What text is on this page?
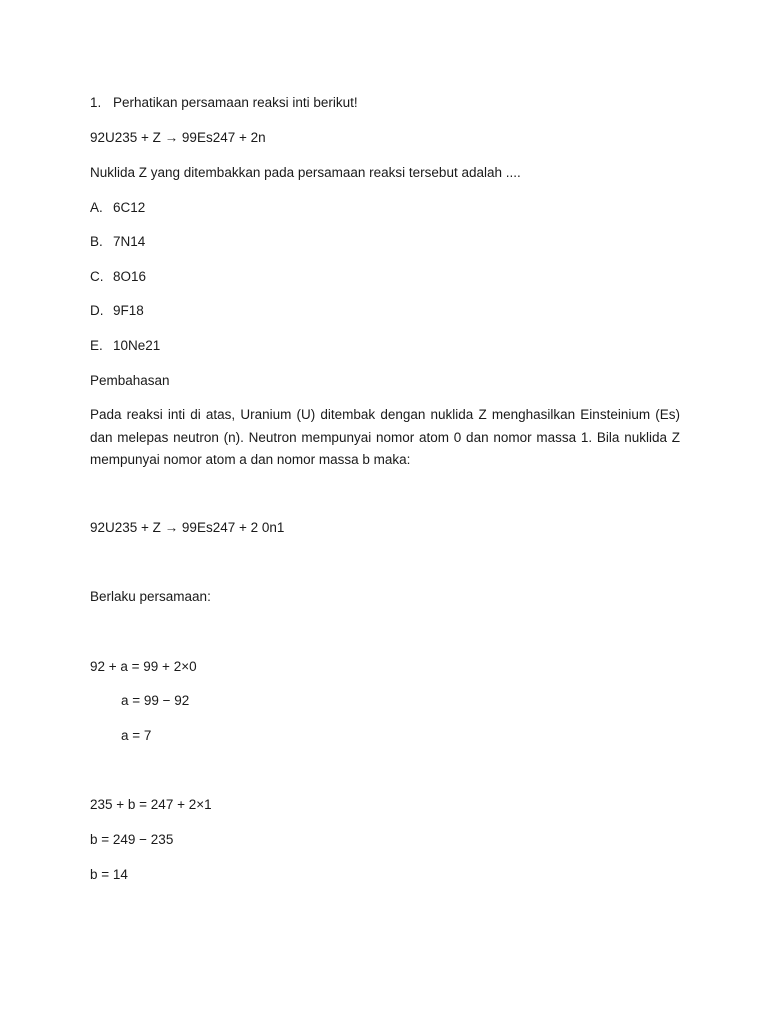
1. Perhatikan persamaan reaksi inti berikut!
92U235 + Z → 99Es247 + 2n
Nuklida Z yang ditembakkan pada persamaan reaksi tersebut adalah ....
A. 6C12
B. 7N14
C. 8O16
D. 9F18
E. 10Ne21
Pembahasan
Pada reaksi inti di atas, Uranium (U) ditembak dengan nuklida Z menghasilkan Einsteinium (Es) dan melepas neutron (n). Neutron mempunyai nomor atom 0 dan nomor massa 1. Bila nuklida Z mempunyai nomor atom a dan nomor massa b maka:
92U235 + Z → 99Es247 + 2 0n1
Berlaku persamaan:
92 + a = 99 + 2×0
a = 99 − 92
a = 7
235 + b = 247 + 2×1
b = 249 − 235
b = 14
